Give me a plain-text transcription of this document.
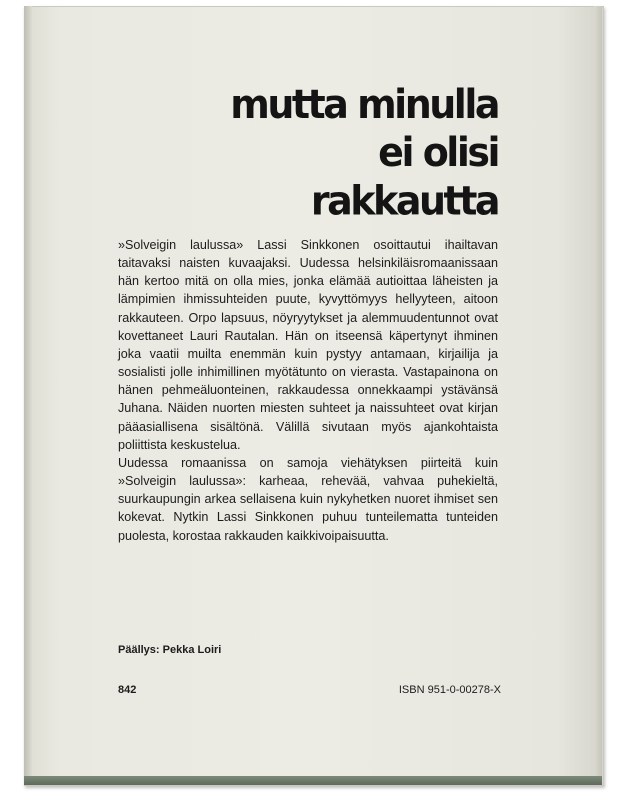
mutta minulla
ei olisi
rakkautta

»Solveigin laulussa» Lassi Sinkkonen osoittautui ihailtavan taitavaksi naisten kuvaajaksi. Uudessa helsinkiläisromaanissaan hän kertoo mitä on olla mies, jonka elämää autioittaa läheisten ja lämpimien ihmissuhteiden puute, kyvyttömyys hellyyteen, aitoon rakkauteen. Orpo lapsuus, nöyryytykset ja alemmuudentunnot ovat kovettaneet Lauri Rautalan. Hän on itseensä käpertynyt ihminen joka vaatii muilta enemmän kuin pystyy antamaan, kirjailija ja sosialisti jolle inhimillinen myötätunto on vierasta. Vastapainona on hänen pehmeäluonteinen, rakkaudessa onnekkaampi ystävänsä Juhana. Näiden nuorten miesten suhteet ja naissuhteet ovat kirjan pääasiallisena sisältönä. Välillä sivutaan myös ajankohtaista poliittista keskustelua.

Uudessa romaanissa on samoja viehätyksen piirteitä kuin »Solveigin laulussa»: karheaa, rehevää, vahvaa puhekieltä, suurkaupungin arkea sellaisena kuin nykyhetken nuoret ihmiset sen kokevat. Nytkin Lassi Sinkkonen puhuu tunteilematta tunteiden puolesta, korostaa rakkauden kaikkivoipaisuutta.

Päällys: Pekka Loiri
842	ISBN 951-0-00278-X
